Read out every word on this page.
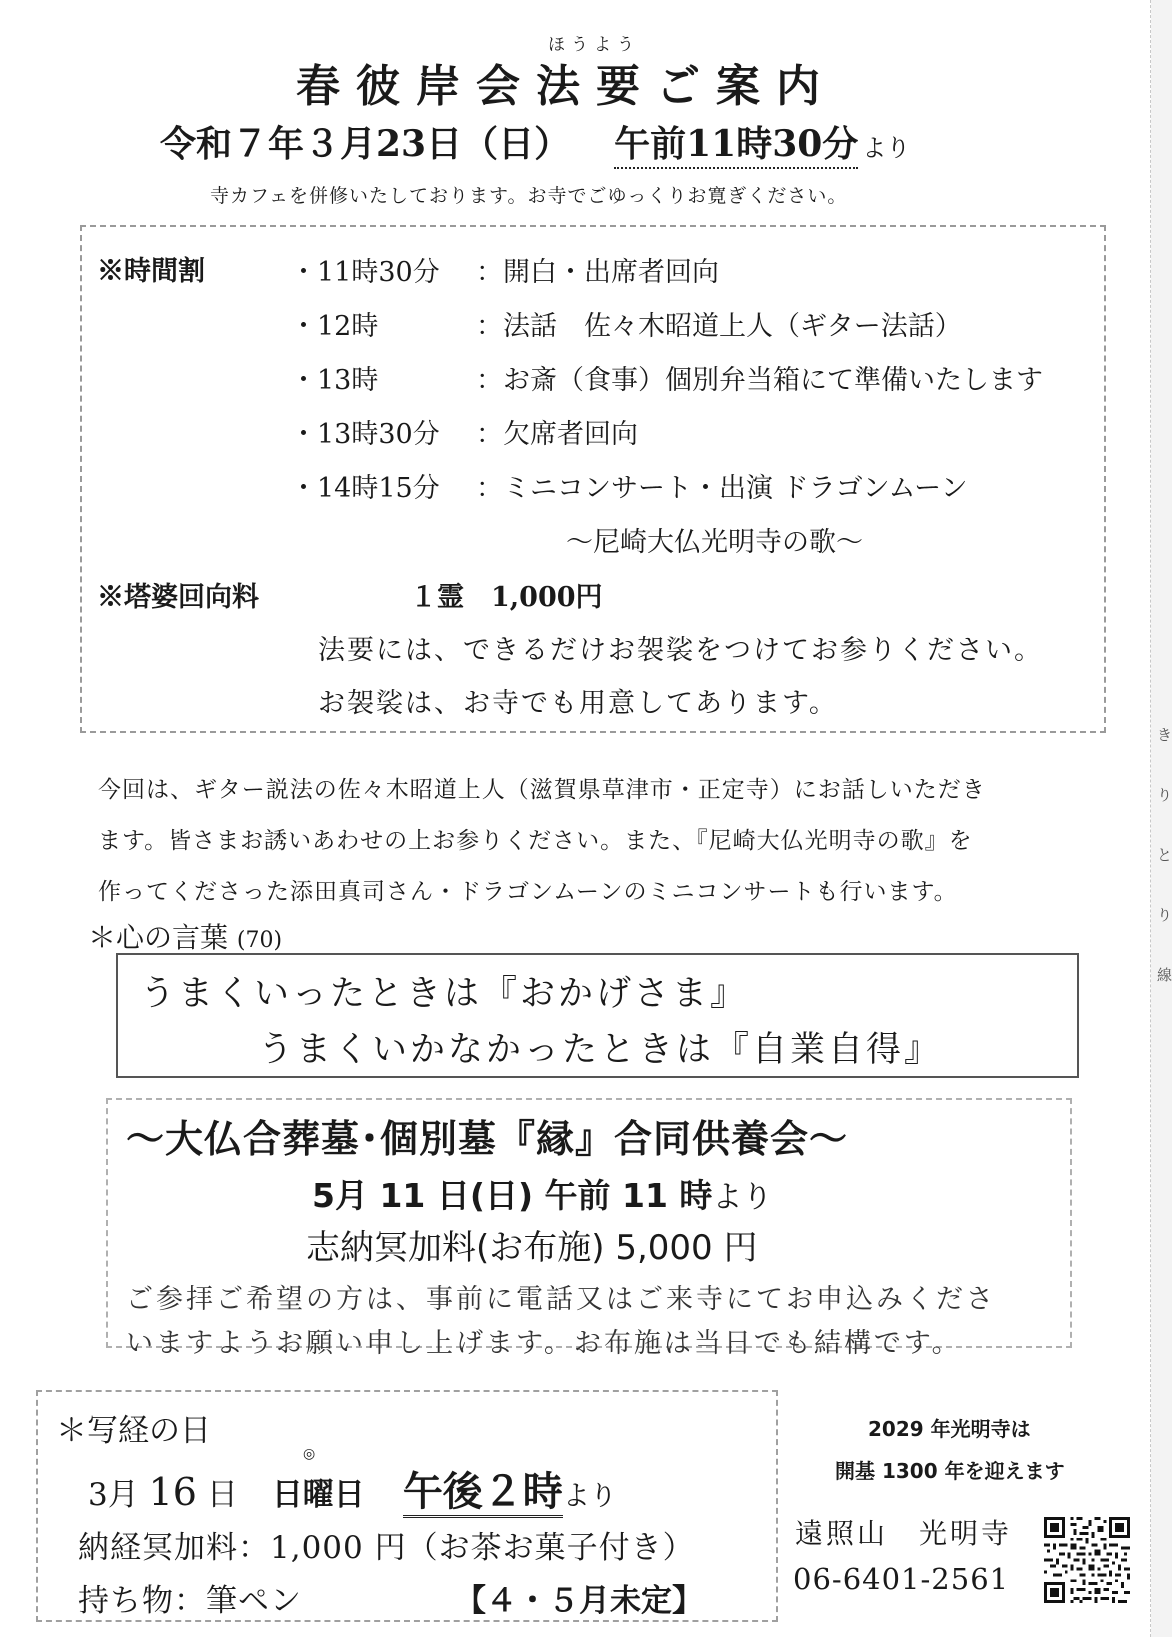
ほうよう
春彼岸会法要ご案内
令和７年３月23日（日） 午前11時30分 より
寺カフェを併修いたしております。お寺でごゆっくりお寛ぎください。
※時間割	・11時30分 ：開白・出席者回向
・12時	：法話　佐々木昭道上人（ギター法話）
・13時	：お斎（食事）個別弁当箱にて準備いたします
・13時30分 ：欠席者回向
・14時15分 ：ミニコンサート・出演 ドラゴンムーン
〜尼崎大仏光明寺の歌〜
※塔婆回向料	１霊　1,000円
法要には、できるだけお袈裟をつけてお参りください。
お袈裟は、お寺でも用意してあります。
今回は、ギター説法の佐々木昭道上人（滋賀県草津市・正定寺）にお話しいただき
ます。皆さまお誘いあわせの上お参りください。また、『尼崎大仏光明寺の歌』を
作ってくださった添田真司さん・ドラゴンムーンのミニコンサートも行います。
＊心の言葉 (70)
うまくいったときは『おかげさま』
うまくいかなかったときは『自業自得』
〜大仏合葬墓･個別墓『縁』合同供養会〜
5月 11 日(日) 午前 11 時より
志納冥加料(お布施) 5,000 円
ご参拝ご希望の方は、事前に電話又はご来寺にてお申込みくださ
いますようお願い申し上げます。お布施は当日でも結構です。
＊写経の日
◎
3月 16 日 日曜日 午後２時より
納経冥加料：1,000 円（お茶お菓子付き）
持ち物：筆ペン	【４・５月未定】
2029 年光明寺は
開基 1300 年を迎えます
遠照山　光明寺
06-6401-2561
き
り
と
り
線
